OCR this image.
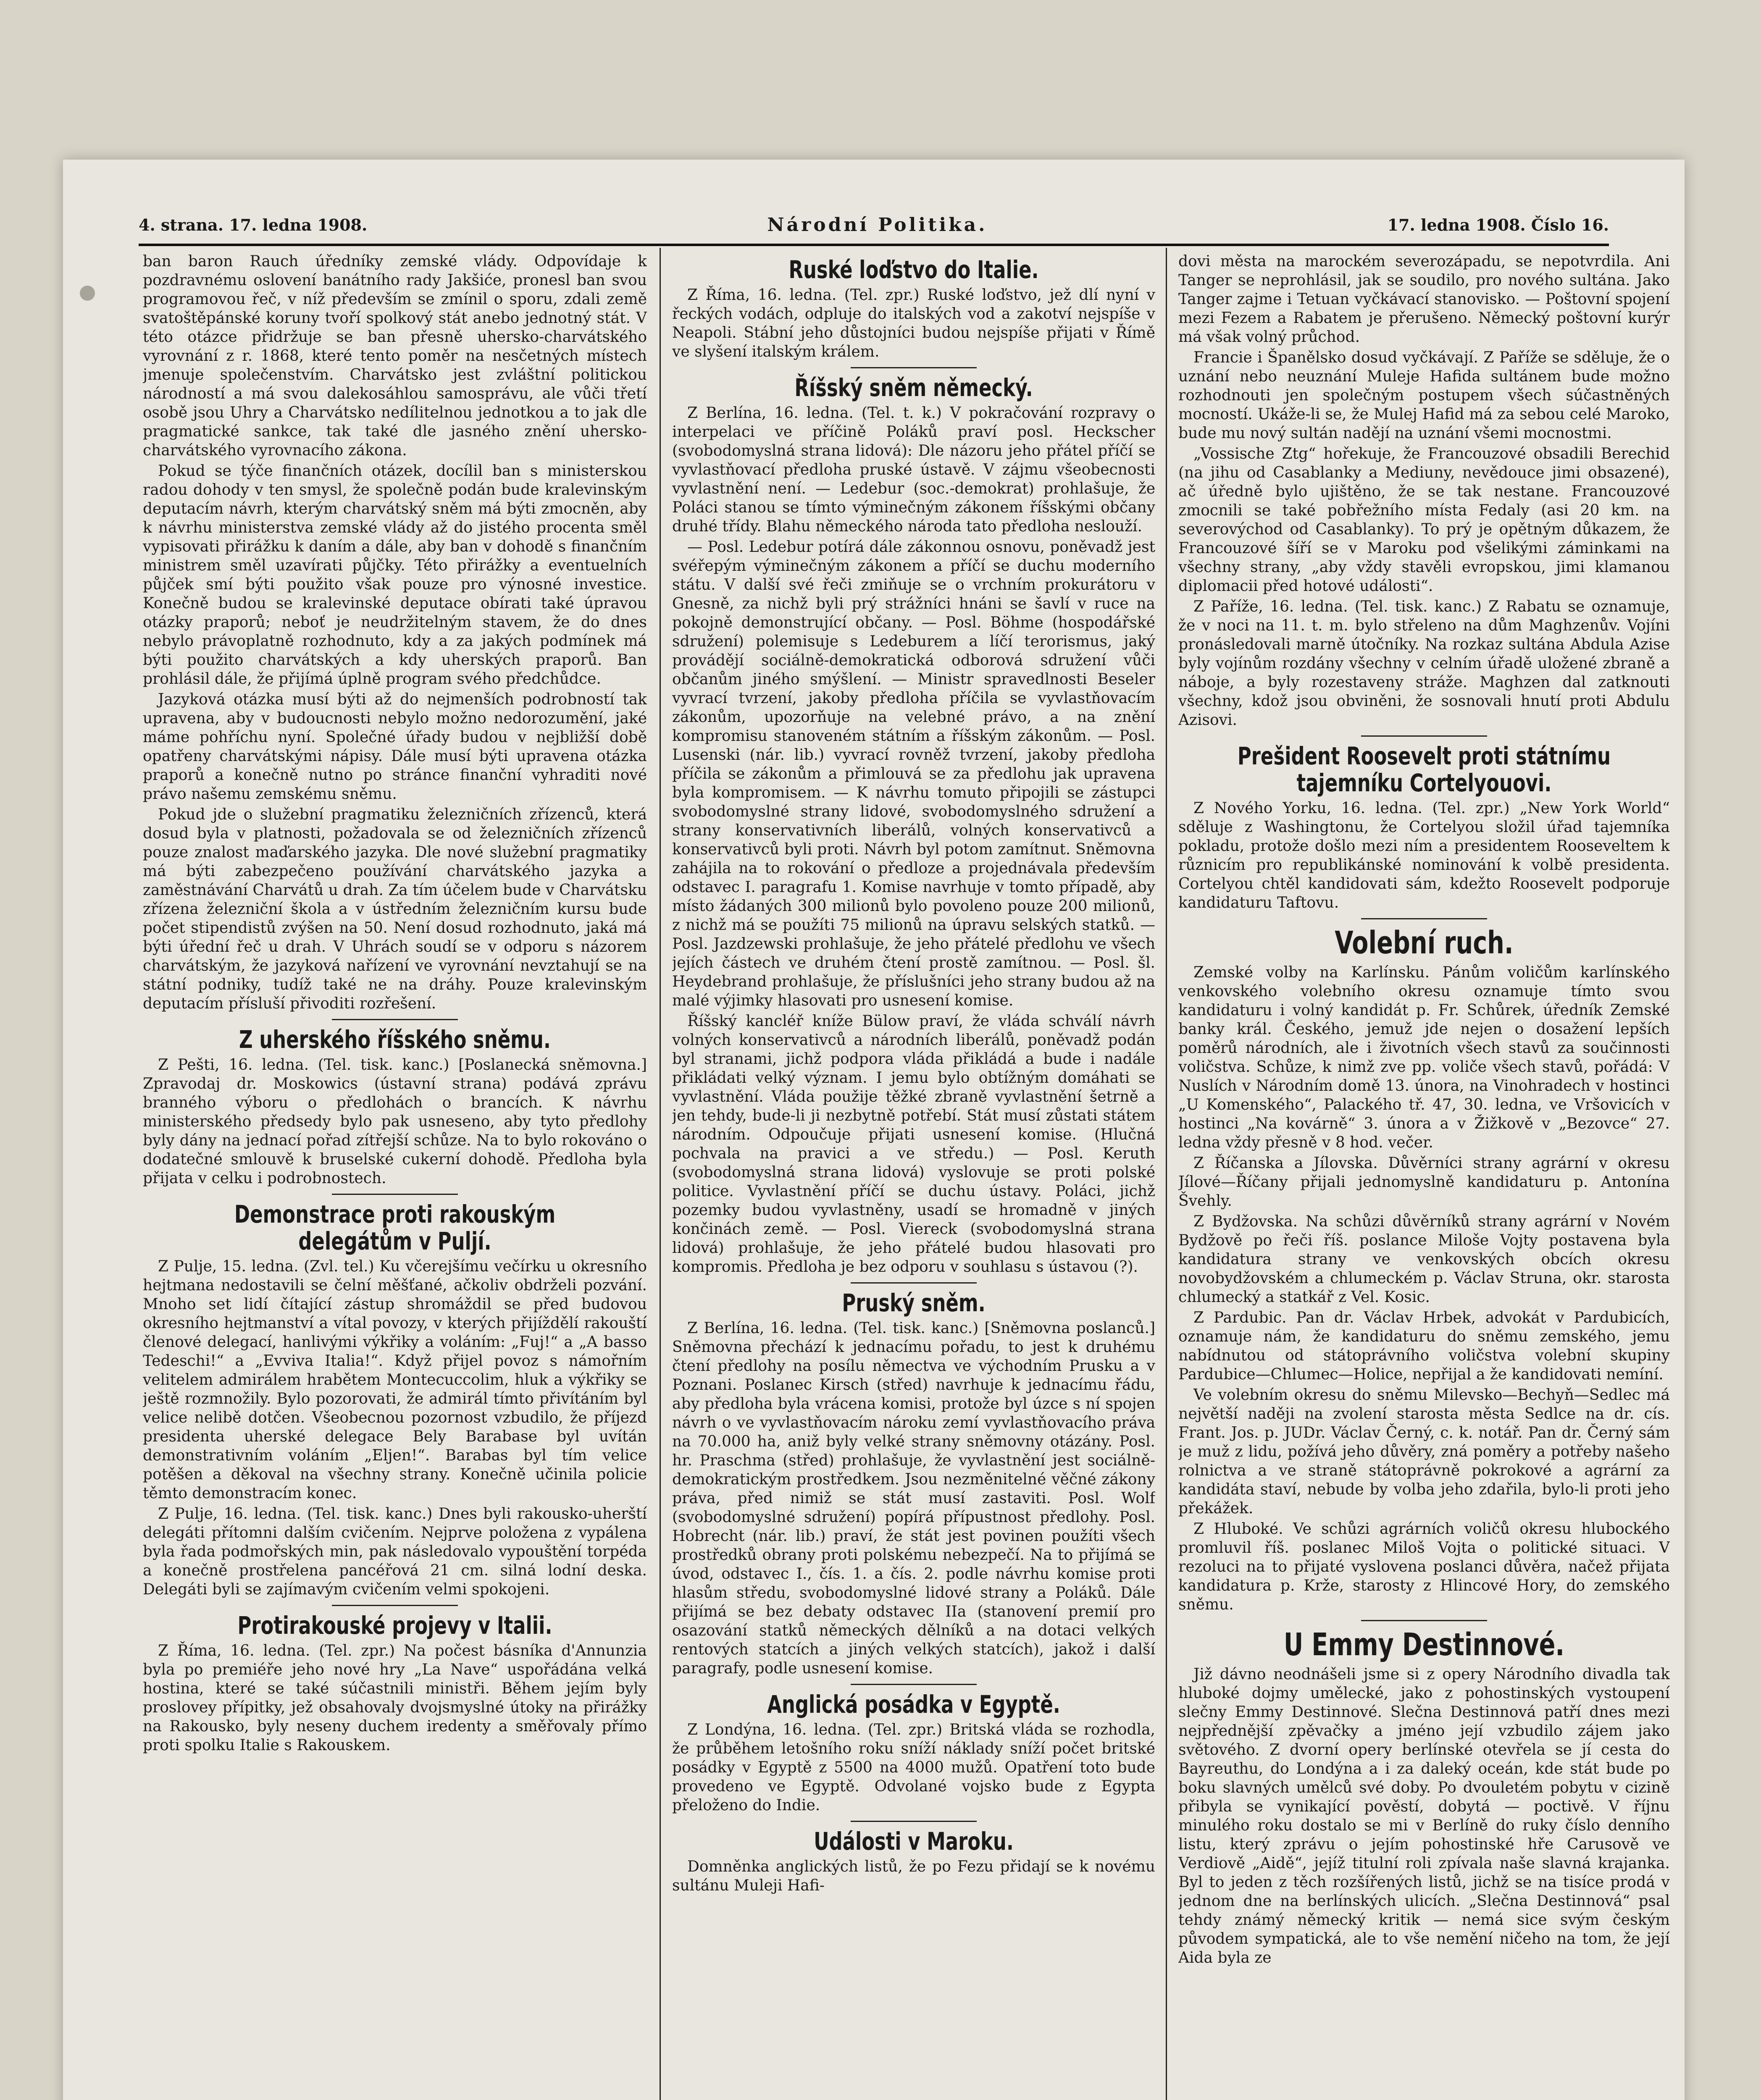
4. strana. 17. ledna 1908.	Národní Politika.	17. ledna 1908. Číslo 16.

ban baron Rauch úředníky zemské vlády. Odpovídaje k pozdravnému oslovení banátního rady Jakšiće, pronesl ban svou programovou řeč, v níž především se zmínil o sporu, zdali země svatoštěpánské koruny tvoří spolkový stát anebo jednotný stát. V této otázce přidržuje se ban přesně uhersko-charvátského vyrovnání z r. 1868, které tento poměr na nesčetných místech jmenuje společenstvím. Charvátsko jest zvláštní politickou národností a má svou dalekosáhlou samosprávu, ale vůči třetí osobě jsou Uhry a Charvátsko nedílitelnou jednotkou a to jak dle pragmatické sankce, tak také dle jasného znění uhersko-charvátského vyrovnacího zákona.

Pokud se týče finančních otázek, docílil ban s ministerskou radou dohody v ten smysl, že společně podán bude kralevinským deputacím návrh, kterým charvátský sněm má býti zmocněn, aby k návrhu ministerstva zemské vlády až do jistého procenta směl vypisovati přirážku k daním a dále, aby ban v dohodě s finančním ministrem směl uzavírati půjčky. Této přirážky a eventuelních půjček smí býti použito však pouze pro výnosné investice. Konečně budou se kralevinské deputace obírati také úpravou otázky praporů; neboť je neudržitelným stavem, že do dnes nebylo právoplatně rozhodnuto, kdy a za jakých podmínek má býti použito charvátských a kdy uherských praporů. Ban prohlásil dále, že přijímá úplně program svého předchůdce.

Jazyková otázka musí býti až do nejmenších podrobností tak upravena, aby v budoucnosti nebylo možno nedorozumění, jaké máme pohříchu nyní. Společné úřady budou v nejbližší době opatřeny charvátskými nápisy. Dále musí býti upravena otázka praporů a konečně nutno po stránce finanční vyhraditi nové právo našemu zemskému sněmu.

Pokud jde o služební pragmatiku železničních zřízenců, která dosud byla v platnosti, požadovala se od železničních zřízenců pouze znalost maďarského jazyka. Dle nové služební pragmatiky má býti zabezpečeno používání charvátského jazyka a zaměstnávání Charvátů u drah. Za tím účelem bude v Charvátsku zřízena železniční škola a v ústředním železničním kursu bude počet stipendistů zvýšen na 50. Není dosud rozhodnuto, jaká má býti úřední řeč u drah. V Uhrách soudí se v odporu s názorem charvátským, že jazyková nařízení ve vyrovnání nevztahují se na státní podniky, tudíž také ne na dráhy. Pouze kralevinským deputacím přísluší přivoditi rozřešení.

Z uherského říšského sněmu.

Z Pešti, 16. ledna. (Tel. tisk. kanc.) [Poslanecká sněmovna.] Zpravodaj dr. Moskowics (ústavní strana) podává zprávu branného výboru o předlohách o brancích. K návrhu ministerského předsedy bylo pak usneseno, aby tyto předlohy byly dány na jednací pořad zítřejší schůze. Na to bylo rokováno o dodatečné smlouvě k bruselské cukerní dohodě. Předloha byla přijata v celku i podrobnostech.

Demonstrace proti rakouským delegátům v Puljí.

Z Pulje, 15. ledna. (Zvl. tel.) Ku včerejšímu večírku u okresního hejtmana nedostavili se čelní měšťané, ačkoliv obdrželi pozvání. Mnoho set lidí čítající zástup shromáždil se před budovou okresního hejtmanství a vítal povozy, v kterých přijíždělí rakouští členové delegací, hanlivými výkřiky a voláním: „Fuj!“ a „A basso Tedeschi!“ a „Evviva Italia!“. Když přijel povoz s námořním velitelem admirálem hrabětem Montecuccolim, hluk a výkřiky se ještě rozmnožily. Bylo pozorovati, že admirál tímto přivítáním byl velice nelibě dotčen. Všeobecnou pozornost vzbudilo, že příjezd presidenta uherské delegace Bely Barabase byl uvítán demonstrativním voláním „Eljen!“. Barabas byl tím velice potěšen a děkoval na všechny strany. Konečně učinila policie těmto demonstracím konec.

Z Pulje, 16. ledna. (Tel. tisk. kanc.) Dnes byli rakousko-uherští delegáti přítomni dalším cvičením. Nejprve položena z vypálena byla řada podmořských min, pak následovalo vypouštění torpéda a konečně prostřelena pancéřová 21 cm. silná lodní deska. Delegáti byli se zajímavým cvičením velmi spokojeni.

Protirakouské projevy v Italii.

Z Říma, 16. ledna. (Tel. zpr.) Na počest básníka d'Annunzia byla po premiéře jeho nové hry „La Nave“ uspořádána velká hostina, které se také súčastnili ministři. Během jejím byly proslovey přípitky, jež obsahovaly dvojsmyslné útoky na přirážky na Rakousko, byly neseny duchem iredenty a směřovaly přímo proti spolku Italie s Rakouskem.

Ruské loďstvo do Italie.

Z Říma, 16. ledna. (Tel. zpr.) Ruské loďstvo, jež dlí nyní v řeckých vodách, odpluje do italských vod a zakotví nejspíše v Neapoli. Stábní jeho důstojníci budou nejspíše přijati v Římě ve slyšení italským králem.

Říšský sněm německý.

Z Berlína, 16. ledna. (Tel. t. k.) V pokračování rozpravy o interpelaci ve příčině Poláků praví posl. Heckscher (svobodomyslná strana lidová): Dle názoru jeho přátel příčí se vyvlastňovací předloha pruské ústavě. V zájmu všeobecnosti vyvlastnění není. — Ledebur (soc.-demokrat) prohlašuje, že Poláci stanou se tímto výminečným zákonem říšskými občany druhé třídy. Blahu německého národa tato předloha neslouží.

— Posl. Ledebur potírá dále zákonnou osnovu, poněvadž jest svéřepým výminečným zákonem a příčí se duchu moderního státu. V další své řeči zmiňuje se o vrchním prokurátoru v Gnesně, za nichž byli prý strážníci hnáni se šavlí v ruce na pokojně demonstrující občany. — Posl. Böhme (hospodářské sdružení) polemisuje s Ledeburem a líčí terorismus, jaký provádějí sociálně-demokratická odborová sdružení vůči občanům jiného smýšlení. — Ministr spravedlnosti Beseler vyvrací tvrzení, jakoby předloha příčila se vyvlastňovacím zákonům, upozorňuje na velebné právo, a na znění kompromisu stanoveném státním a říšským zákonům. — Posl. Lusenski (nár. lib.) vyvrací rovněž tvrzení, jakoby předloha příčila se zákonům a přimlouvá se za předlohu jak upravena byla kompromisem. — K návrhu tomuto připojili se zástupci svobodomyslné strany lidové, svobodomyslného sdružení a strany konservativních liberálů, volných konservativců a konservativců byli proti. Návrh byl potom zamítnut. Sněmovna zahájila na to rokování o předloze a projednávala především odstavec I. paragrafu 1. Komise navrhuje v tomto případě, aby místo žádaných 300 milionů bylo povoleno pouze 200 milionů, z nichž má se použíti 75 milionů na úpravu selských statků. — Posl. Jazdzewski prohlašuje, že jeho přátelé předlohu ve všech jejích částech ve druhém čtení prostě zamítnou. — Posl. šl. Heydebrand prohlašuje, že příslušníci jeho strany budou až na malé výjimky hlasovati pro usnesení komise.

Říšský kancléř kníže Bülow praví, že vláda schválí návrh volných konservativců a národních liberálů, poněvadž podán byl stranami, jichž podpora vláda přikládá a bude i nadále přikládati velký význam. I jemu bylo obtížným domáhati se vyvlastnění. Vláda použije těžké zbraně vyvlastnění šetrně a jen tehdy, bude-li ji nezbytně potřebí. Stát musí zůstati státem národním. Odpoučuje přijati usnesení komise. (Hlučná pochvala na pravici a ve středu.) — Posl. Keruth (svobodomyslná strana lidová) vyslovuje se proti polské politice. Vyvlastnění příčí se duchu ústavy. Poláci, jichž pozemky budou vyvlastněny, usadí se hromadně v jiných končinách země. — Posl. Viereck (svobodomyslná strana lidová) prohlašuje, že jeho přátelé budou hlasovati pro kompromis. Předloha je bez odporu v souhlasu s ústavou (?).

Pruský sněm.

Z Berlína, 16. ledna. (Tel. tisk. kanc.) [Sněmovna poslanců.] Sněmovna přechází k jednacímu pořadu, to jest k druhému čtení předlohy na posílu němectva ve východním Prusku a v Poznani. Poslanec Kirsch (střed) navrhuje k jednacímu řádu, aby předloha byla vrácena komisi, protože byl úzce s ní spojen návrh o ve vyvlastňovacím nároku zemí vyvlastňovacího práva na 70.000 ha, aniž byly velké strany sněmovny otázány. Posl. hr. Praschma (střed) prohlašuje, že vyvlastnění jest sociálně-demokratickým prostředkem. Jsou nezměnitelné věčné zákony práva, před nimiž se stát musí zastaviti. Posl. Wolf (svobodomyslné sdružení) popírá přípustnost předlohy. Posl. Hobrecht (nár. lib.) praví, že stát jest povinen použíti všech prostředků obrany proti polskému nebezpečí. Na to přijímá se úvod, odstavec I., čís. 1. a čís. 2. podle návrhu komise proti hlasům středu, svobodomyslné lidové strany a Poláků. Dále přijímá se bez debaty odstavec IIa (stanovení premií pro osazování statků německých dělníků a na dotaci velkých rentových statcích a jiných velkých statcích), jakož i další paragrafy, podle usnesení komise.

Anglická posádka v Egyptě.

Z Londýna, 16. ledna. (Tel. zpr.) Britská vláda se rozhodla, že průběhem letošního roku sníží náklady sníží počet britské posádky v Egyptě z 5500 na 4000 mužů. Opatření toto bude provedeno ve Egyptě. Odvolané vojsko bude z Egypta přeloženo do Indie.

Události v Maroku.

Domněnka anglických listů, že po Fezu přidají se k novému sultánu Muleji Hafi-

dovi města na marockém severozápadu, se nepotvrdila. Ani Tanger se neprohlásil, jak se soudilo, pro nového sultána. Jako Tanger zajme i Tetuan vyčkávací stanovisko. — Poštovní spojení mezi Fezem a Rabatem je přerušeno. Německý poštovní kurýr má však volný průchod.

Francie i Španělsko dosud vyčkávají. Z Paříže se sděluje, že o uznání nebo neuznání Muleje Hafida sultánem bude možno rozhodnouti jen společným postupem všech súčastněných mocností. Ukáže-li se, že Mulej Hafid má za sebou celé Maroko, bude mu nový sultán nadějí na uznání všemi mocnostmi.

„Vossische Ztg“ hořekuje, že Francouzové obsadili Berechid (na jihu od Casablanky a Mediuny, nevědouce jimi obsazené), ač úředně bylo ujištěno, že se tak nestane. Francouzové zmocnili se také pobřežního místa Fedaly (asi 20 km. na severovýchod od Casablanky). To prý je opětným důkazem, že Francouzové šíří se v Maroku pod všelikými záminkami na všechny strany, „aby vždy stavěli evropskou, jimi klamanou diplomacii před hotové události“.

Z Paříže, 16. ledna. (Tel. tisk. kanc.) Z Rabatu se oznamuje, že v noci na 11. t. m. bylo střeleno na dům Maghzenův. Vojíni pronásledovali marně útočníky. Na rozkaz sultána Abdula Azise byly vojínům rozdány všechny v celním úřadě uložené zbraně a náboje, a byly rozestaveny stráže. Maghzen dal zatknouti všechny, kdož jsou obviněni, že sosnovali hnutí proti Abdulu Azisovi.

Prešident Roosevelt proti státnímu tajemníku Cortelyouovi.

Z Nového Yorku, 16. ledna. (Tel. zpr.) „New York World“ sděluje z Washingtonu, že Cortelyou složil úřad tajemníka pokladu, protože došlo mezi ním a presidentem Rooseveltem k různicím pro republikánské nominování k volbě presidenta. Cortelyou chtěl kandidovati sám, kdežto Roosevelt podporuje kandidaturu Taftovu.

Volební ruch.

Zemské volby na Karlínsku. Pánům voličům karlínského venkovského volebního okresu oznamuje tímto svou kandidaturu i volný kandidát p. Fr. Schůrek, úředník Zemské banky král. Českého, jemuž jde nejen o dosažení lepších poměrů národních, ale i životních všech stavů za součinnosti voličstva. Schůze, k nimž zve pp. voliče všech stavů, pořádá: V Nuslích v Národním domě 13. února, na Vinohradech v hostinci „U Komenského“, Palackého tř. 47, 30. ledna, ve Vršovicích v hostinci „Na kovárně“ 3. února a v Žižkově v „Bezovce“ 27. ledna vždy přesně v 8 hod. večer.

Z Říčanska a Jílovska. Důvěrníci strany agrární v okresu Jílové—Říčany přijali jednomyslně kandidaturu p. Antonína Švehly.

Z Bydžovska. Na schůzi důvěrníků strany agrární v Novém Bydžově po řeči říš. poslance Miloše Vojty postavena byla kandidatura strany ve venkovských obcích okresu novobydžovském a chlumeckém p. Václav Struna, okr. starosta chlumecký a statkář z Vel. Kosic.

Z Pardubic. Pan dr. Václav Hrbek, advokát v Pardubicích, oznamuje nám, že kandidaturu do sněmu zemského, jemu nabídnutou od státoprávního voličstva volební skupiny Pardubice—Chlumec—Holice, nepřijal a že kandidovati nemíní.

Ve volebním okresu do sněmu Milevsko—Bechyň—Sedlec má největší naději na zvolení starosta města Sedlce na dr. cís. Frant. Jos. p. JUDr. Václav Černý, c. k. notář. Pan dr. Černý sám je muž z lidu, požívá jeho důvěry, zná poměry a potřeby našeho rolnictva a ve straně státoprávně pokrokové a agrární za kandidáta staví, nebude by volba jeho zdařila, bylo-li proti jeho překážek.

Z Hluboké. Ve schůzi agrárních voličů okresu hlubockého promluvil říš. poslanec Miloš Vojta o politické situaci. V rezoluci na to přijaté vyslovena poslanci důvěra, načež přijata kandidatura p. Krže, starosty z Hlincové Hory, do zemského sněmu.

U Emmy Destinnové.

Již dávno neodnášeli jsme si z opery Národního divadla tak hluboké dojmy umělecké, jako z pohostinských vystoupení slečny Emmy Destinnové. Slečna Destinnová patří dnes mezi nejpřednější zpěvačky a jméno její vzbudilo zájem jako světového. Z dvorní opery berlínské otevřela se jí cesta do Bayreuthu, do Londýna a i za daleký oceán, kde stát bude po boku slavných umělců své doby. Po dvouletém pobytu v cizině přibyla se vynikající pověstí, dobytá — poctivě. V říjnu minulého roku dostalo se mi v Berlíně do ruky číslo denního listu, který zprávu o jejím pohostinské hře Carusově ve Verdiově „Aidě“, jejíž titulní roli zpívala naše slavná krajanka. Byl to jeden z těch rozšířených listů, jichž se na tisíce prodá v jednom dne na berlínských ulicích. „Slečna Destinnová“ psal tehdy známý německý kritik — nemá sice svým českým původem sympatická, ale to vše nemění ničeho na tom, že její Aida byla ze
